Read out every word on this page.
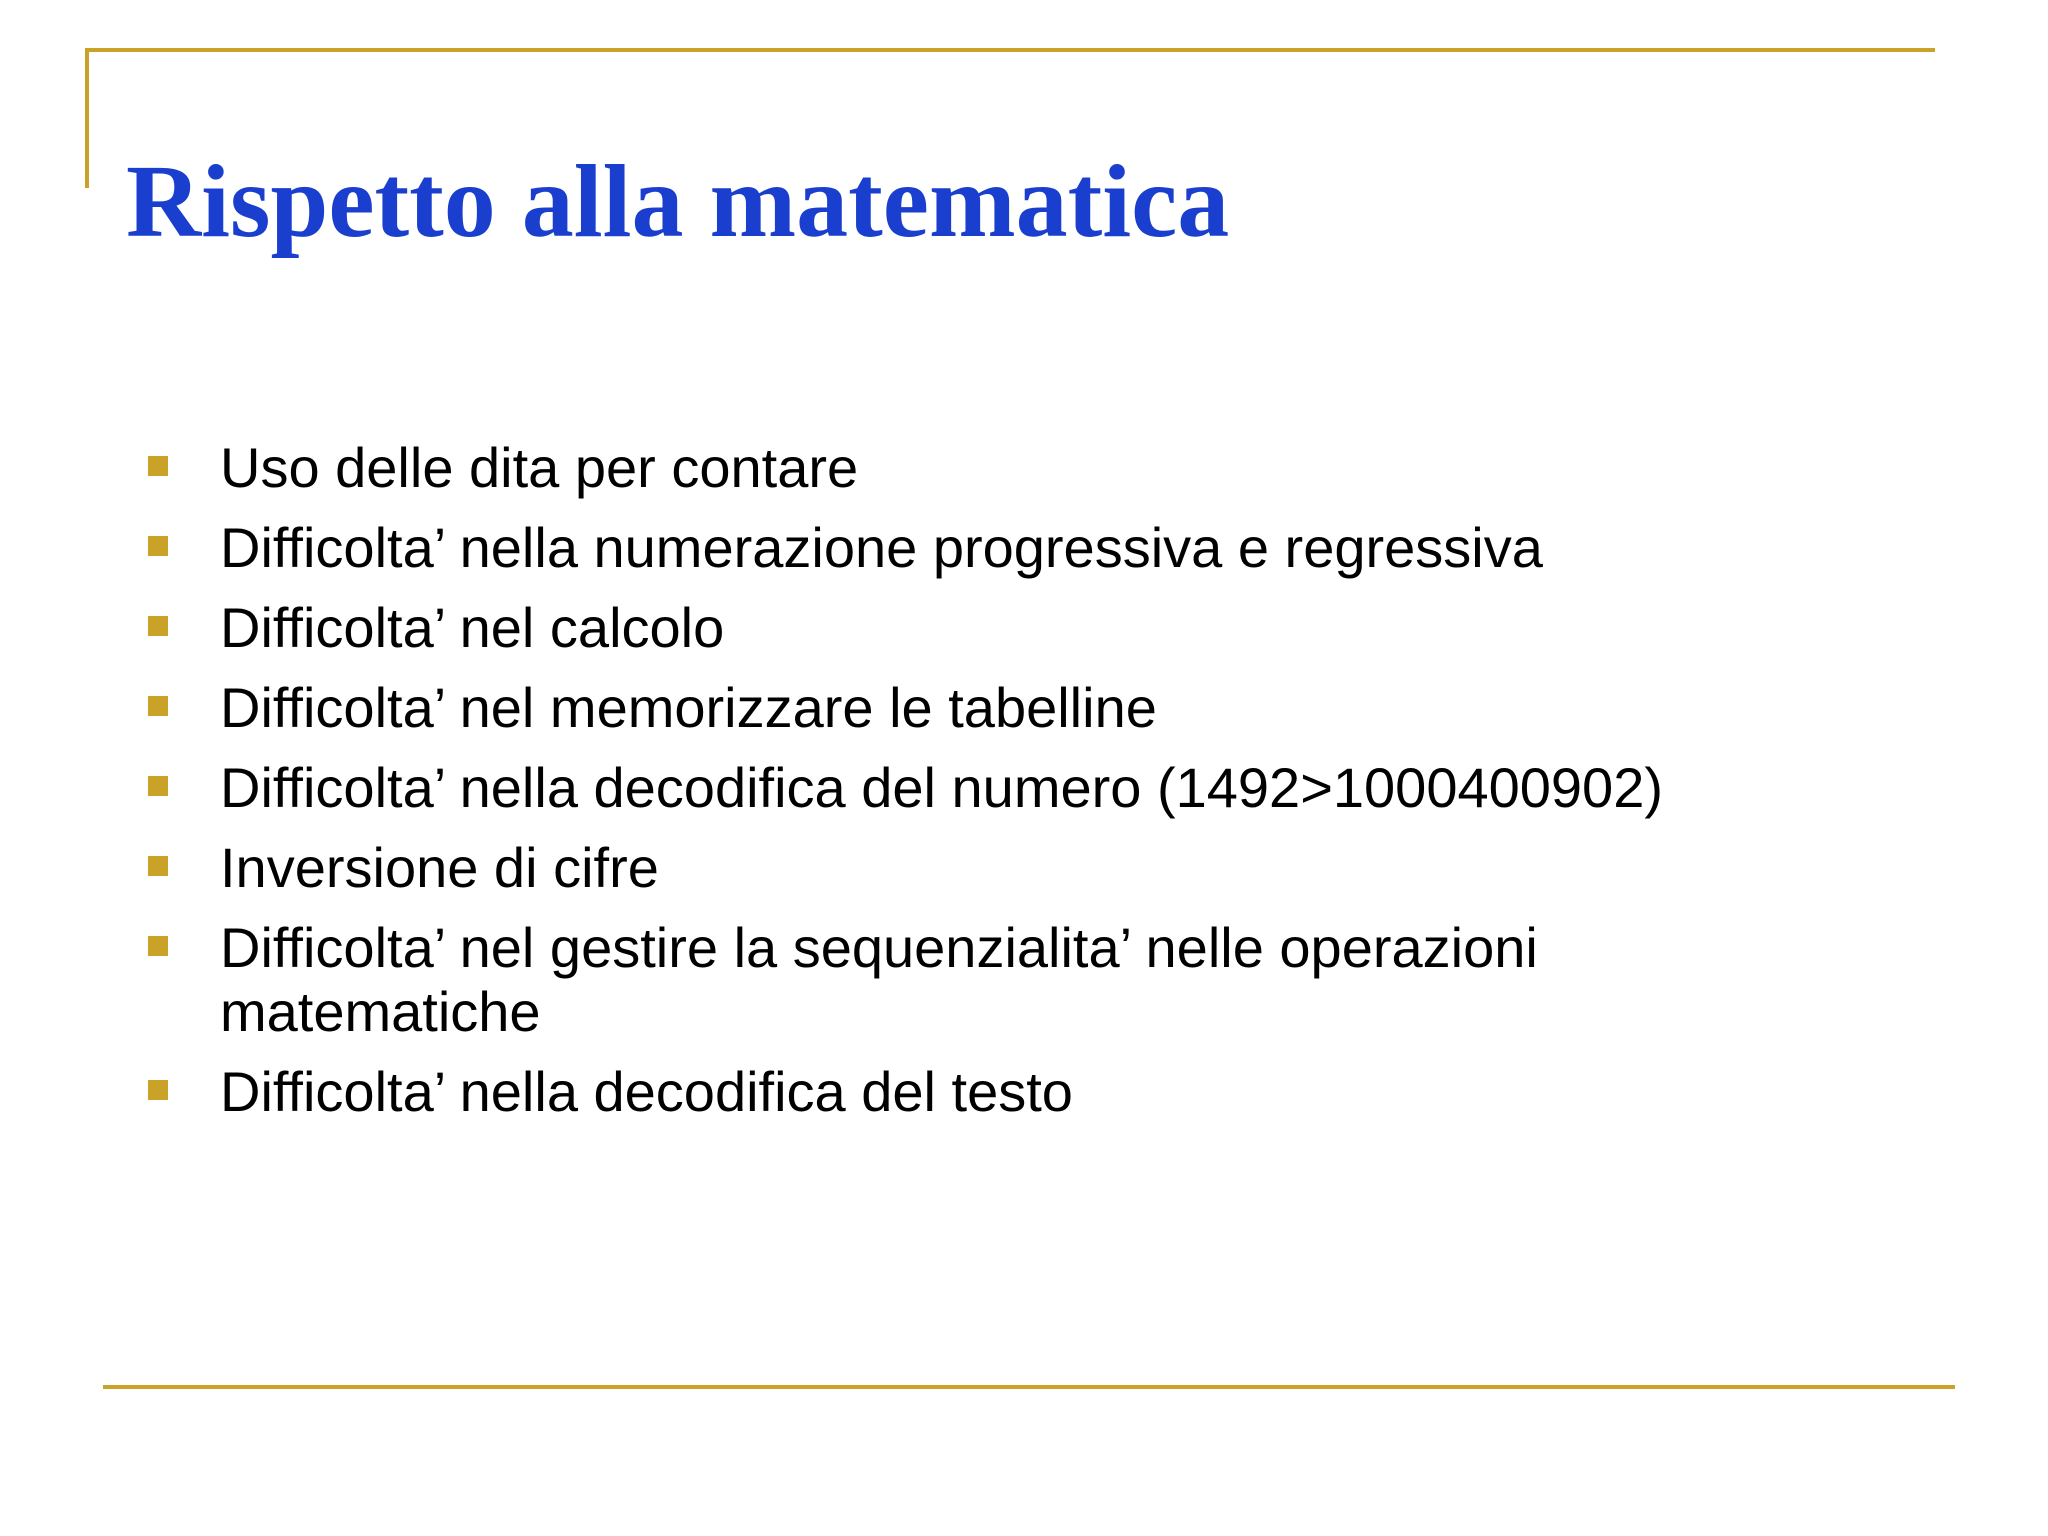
Rispetto alla matematica
Uso delle dita per contare
Difficolta’ nella numerazione progressiva e regressiva
Difficolta’ nel calcolo
Difficolta’ nel memorizzare le tabelline
Difficolta’ nella decodifica del numero (1492>1000400902)
Inversione di cifre
Difficolta’ nel gestire la sequenzialita’ nelle operazioni matematiche
Difficolta’ nella decodifica del testo
